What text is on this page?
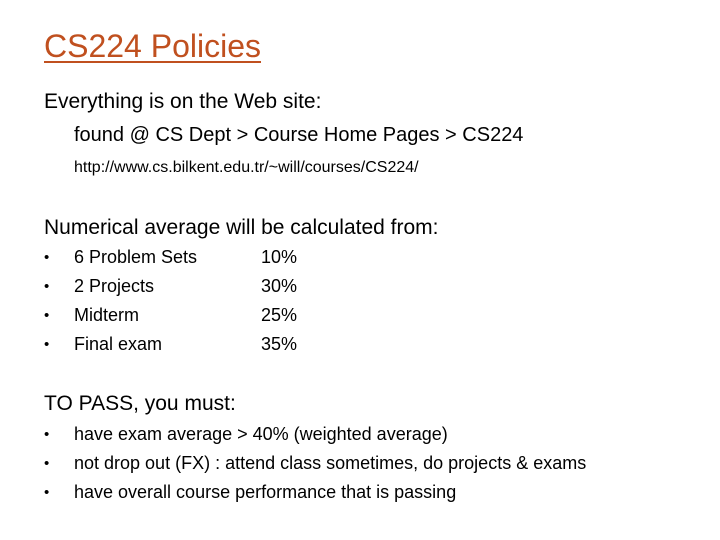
CS224 Policies
Everything is on the Web site:
found @ CS Dept > Course Home Pages > CS224
http://www.cs.bilkent.edu.tr/~will/courses/CS224/
Numerical average will be calculated from:
• 6 Problem Sets	10%
• 2 Projects	30%
• Midterm	25%
• Final exam	35%
TO PASS, you must:
• have exam average > 40% (weighted average)
• not drop out (FX) : attend class sometimes, do projects & exams
• have overall course performance that is passing
